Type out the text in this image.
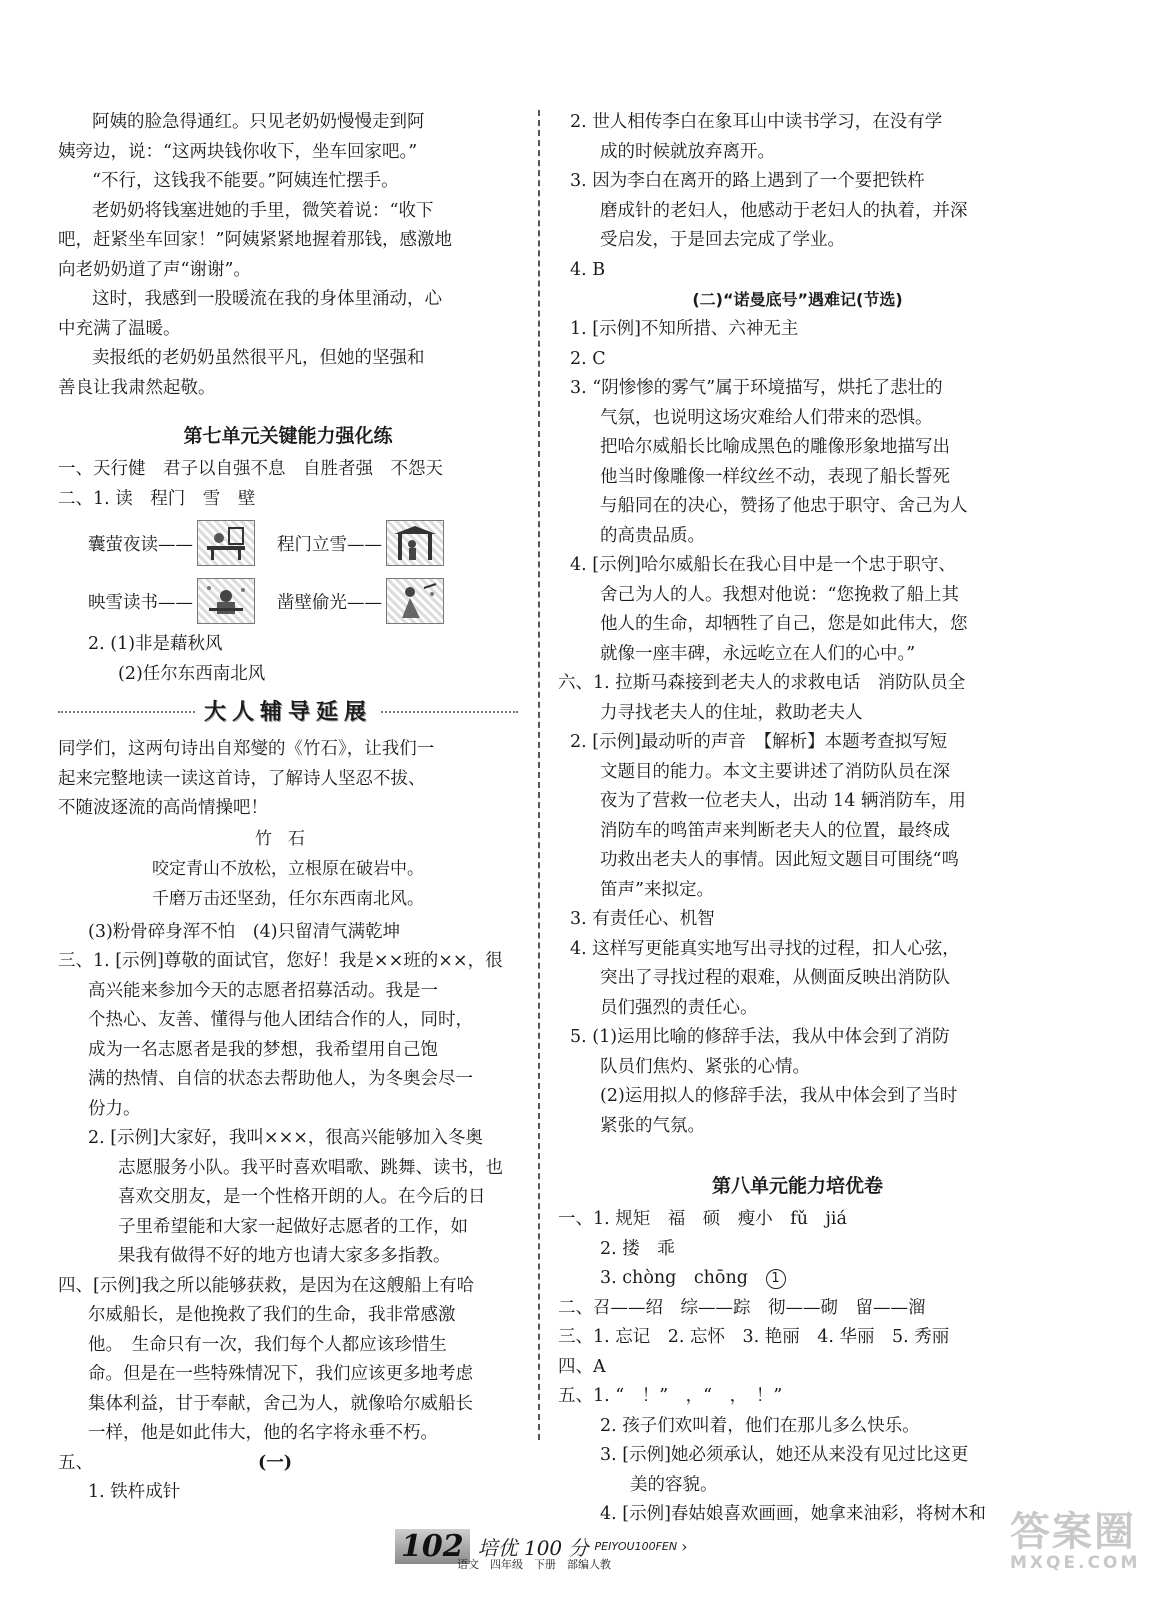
阿姨的脸急得通红。只见老奶奶慢慢走到阿
姨旁边，说：“这两块钱你收下，坐车回家吧。”
“不行，这钱我不能要。”阿姨连忙摆手。
老奶奶将钱塞进她的手里，微笑着说：“收下
吧，赶紧坐车回家！”阿姨紧紧地握着那钱，感激地
向老奶奶道了声“谢谢”。
这时，我感到一股暖流在我的身体里涌动，心
中充满了温暖。
卖报纸的老奶奶虽然很平凡，但她的坚强和
善良让我肃然起敬。
第七单元关键能力强化练
一、天行健　君子以自强不息　自胜者强　不怨天
二、1. 读　程门　雪　壁
囊萤夜读——	程门立雪——
映雪读书——	凿壁偷光——
2. (1)非是藉秋风
(2)任尔东西南北风
大人辅导延展
同学们，这两句诗出自郑燮的《竹石》，让我们一
起来完整地读一读这首诗，了解诗人坚忍不拔、
不随波逐流的高尚情操吧！
竹石
咬定青山不放松，立根原在破岩中。
千磨万击还坚劲，任尔东西南北风。
(3)粉骨碎身浑不怕　(4)只留清气满乾坤
三、1. [示例]尊敬的面试官，您好！我是××班的××，很
高兴能来参加今天的志愿者招募活动。我是一
个热心、友善、懂得与他人团结合作的人，同时，
成为一名志愿者是我的梦想，我希望用自己饱
满的热情、自信的状态去帮助他人，为冬奥会尽一
份力。
2. [示例]大家好，我叫×××，很高兴能够加入冬奥
志愿服务小队。我平时喜欢唱歌、跳舞、读书，也
喜欢交朋友，是一个性格开朗的人。在今后的日
子里希望能和大家一起做好志愿者的工作，如
果我有做得不好的地方也请大家多多指教。
四、[示例]我之所以能够获救，是因为在这艘船上有哈
尔威船长，是他挽救了我们的生命，我非常感激
他。　生命只有一次，我们每个人都应该珍惜生
命。但是在一些特殊情况下，我们应该更多地考虑
集体利益，甘于奉献，舍己为人，就像哈尔威船长
一样，他是如此伟大，他的名字将永垂不朽。
五、	(一)
1. 铁杵成针
2. 世人相传李白在象耳山中读书学习，在没有学
成的时候就放弃离开。
3. 因为李白在离开的路上遇到了一个要把铁杵
磨成针的老妇人，他感动于老妇人的执着，并深
受启发，于是回去完成了学业。
4. B
(二)“诺曼底号”遇难记(节选)
1. [示例]不知所措、六神无主
2. C
3. “阴惨惨的雾气”属于环境描写，烘托了悲壮的
气氛，也说明这场灾难给人们带来的恐惧。
把哈尔威船长比喻成黑色的雕像形象地描写出
他当时像雕像一样纹丝不动，表现了船长誓死
与船同在的决心，赞扬了他忠于职守、舍己为人
的高贵品质。
4. [示例]哈尔威船长在我心目中是一个忠于职守、
舍己为人的人。我想对他说：“您挽救了船上其
他人的生命，却牺牲了自己，您是如此伟大，您
就像一座丰碑，永远屹立在人们的心中。”
六、1. 拉斯马森接到老夫人的求救电话　消防队员全
力寻找老夫人的住址，救助老夫人
2. [示例]最动听的声音　【解析】本题考查拟写短
文题目的能力。本文主要讲述了消防队员在深
夜为了营救一位老夫人，出动 14 辆消防车，用
消防车的鸣笛声来判断老夫人的位置，最终成
功救出老夫人的事情。因此短文题目可围绕“鸣
笛声”来拟定。
3. 有责任心、机智
4. 这样写更能真实地写出寻找的过程，扣人心弦，
突出了寻找过程的艰难，从侧面反映出消防队
员们强烈的责任心。
5. (1)运用比喻的修辞手法，我从中体会到了消防
队员们焦灼、紧张的心情。
(2)运用拟人的修辞手法，我从中体会到了当时
紧张的气氛。
第八单元能力培优卷
一、1. 规矩　福　硕　瘦小　fǔ　jiá
2. 搂　乖
3. chòng　chōng 1
二、召——绍　综——踪　彻——砌　留——溜
三、1. 忘记　2. 忘怀　3. 艳丽　4. 华丽　5. 秀丽
四、A
五、1. “　！”　，“　，　！”
2. 孩子们欢叫着，他们在那儿多么快乐。
3. [示例]她必须承认，她还从来没有见过比这更
美的容貌。
4. [示例]春姑娘喜欢画画，她拿来油彩，将树木和
102 培优 100 分 PEIYOU100FEN ›
语文　四年级　下册　部编人教
答案圈
MXQE.COM
